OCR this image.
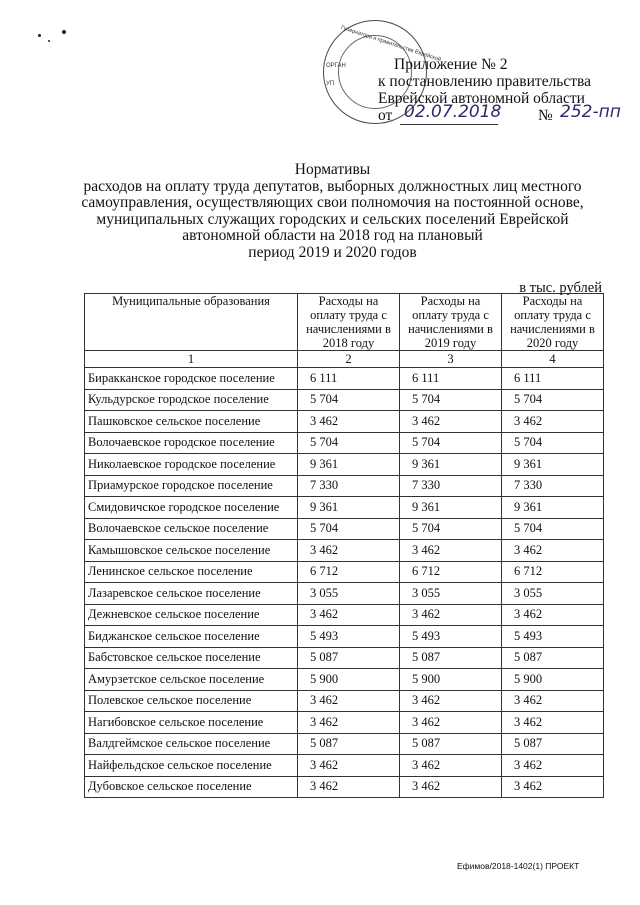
Губернатора и правительства Еврейской
ОРГАН
УП
Приложение № 2
к постановлению правительства
Еврейской автономной области
от 02.07.2018 № 252-пп
Нормативы
расходов на оплату труда депутатов, выборных должностных лиц местного
самоуправления, осуществляющих свои полномочия на постоянной основе,
муниципальных служащих городских и сельских поселений Еврейской
автономной области на 2018 год на плановый
период 2019 и 2020 годов
в тыс. рублей
Муниципальные образования	Расходы на оплату труда с начислениями в 2018 году	Расходы на оплату труда с начислениями в 2019 году	Расходы на оплату труда с начислениями в 2020 году
1	2	3	4
Биракканское городское поселение	6 111	6 111	6 111
Кульдурское городское поселение	5 704	5 704	5 704
Пашковское сельское поселение	3 462	3 462	3 462
Волочаевское городское поселение	5 704	5 704	5 704
Николаевское городское поселение	9 361	9 361	9 361
Приамурское городское поселение	7 330	7 330	7 330
Смидовичское городское поселение	9 361	9 361	9 361
Волочаевское сельское поселение	5 704	5 704	5 704
Камышовское сельское поселение	3 462	3 462	3 462
Ленинское сельское поселение	6 712	6 712	6 712
Лазаревское сельское поселение	3 055	3 055	3 055
Дежневское сельское поселение	3 462	3 462	3 462
Биджанское сельское поселение	5 493	5 493	5 493
Бабстовское сельское поселение	5 087	5 087	5 087
Амурзетское сельское поселение	5 900	5 900	5 900
Полевское сельское поселение	3 462	3 462	3 462
Нагибовское сельское поселение	3 462	3 462	3 462
Валдгеймское сельское поселение	5 087	5 087	5 087
Найфельдское сельское поселение	3 462	3 462	3 462
Дубовское сельское поселение	3 462	3 462	3 462
Ефимов/2018-1402(1) ПРОЕКТ
